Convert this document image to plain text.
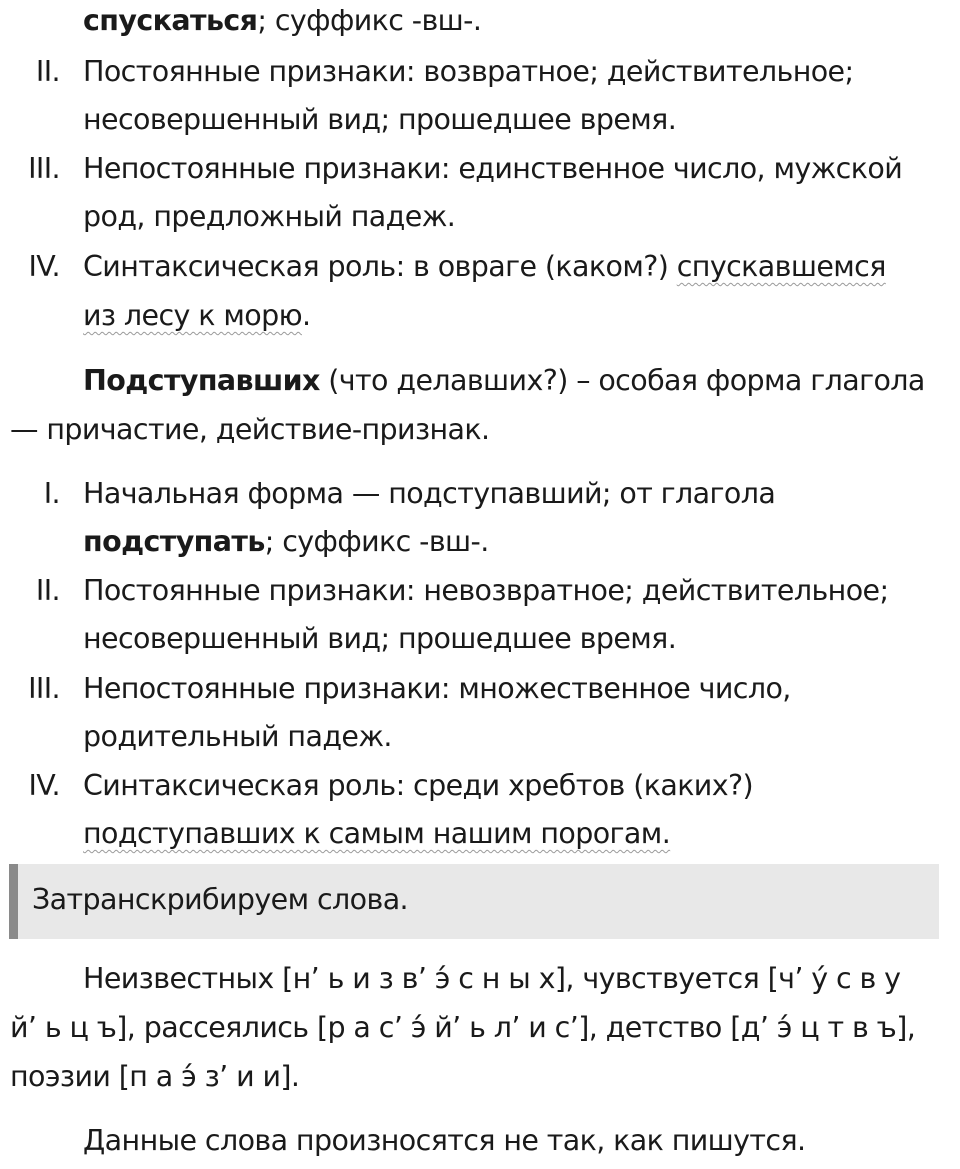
спускаться; суффикс -вш-.
II. Постоянные признаки: возвратное; действительное;
несовершенный вид; прошедшее время.
III. Непостоянные признаки: единственное число, мужской
род, предложный падеж.
IV. Синтаксическая роль: в овраге (каком?) спускавшемся
из лесу к морю.
Подступавших (что делавших?) – особая форма глагола
— причастие, действие-признак.
I. Начальная форма — подступавший; от глагола
подступать; суффикс -вш-.
II. Постоянные признаки: невозвратное; действительное;
несовершенный вид; прошедшее время.
III. Непостоянные признаки: множественное число,
родительный падеж.
IV. Синтаксическая роль: среди хребтов (каких?)
подступавших к самым нашим порогам.
Затранскрибируем слова.
Неизвестных [н’ ь и з в’ э́ с н ы х], чувствуется [ч’ у́ с в у
й’ ь ц ъ], рассеялись [р а с’ э́ й’ ь л’ и с’], детство [д’ э́ ц т в ъ],
поэзии [п а э́ з’ и и].
Данные слова произносятся не так, как пишутся.
